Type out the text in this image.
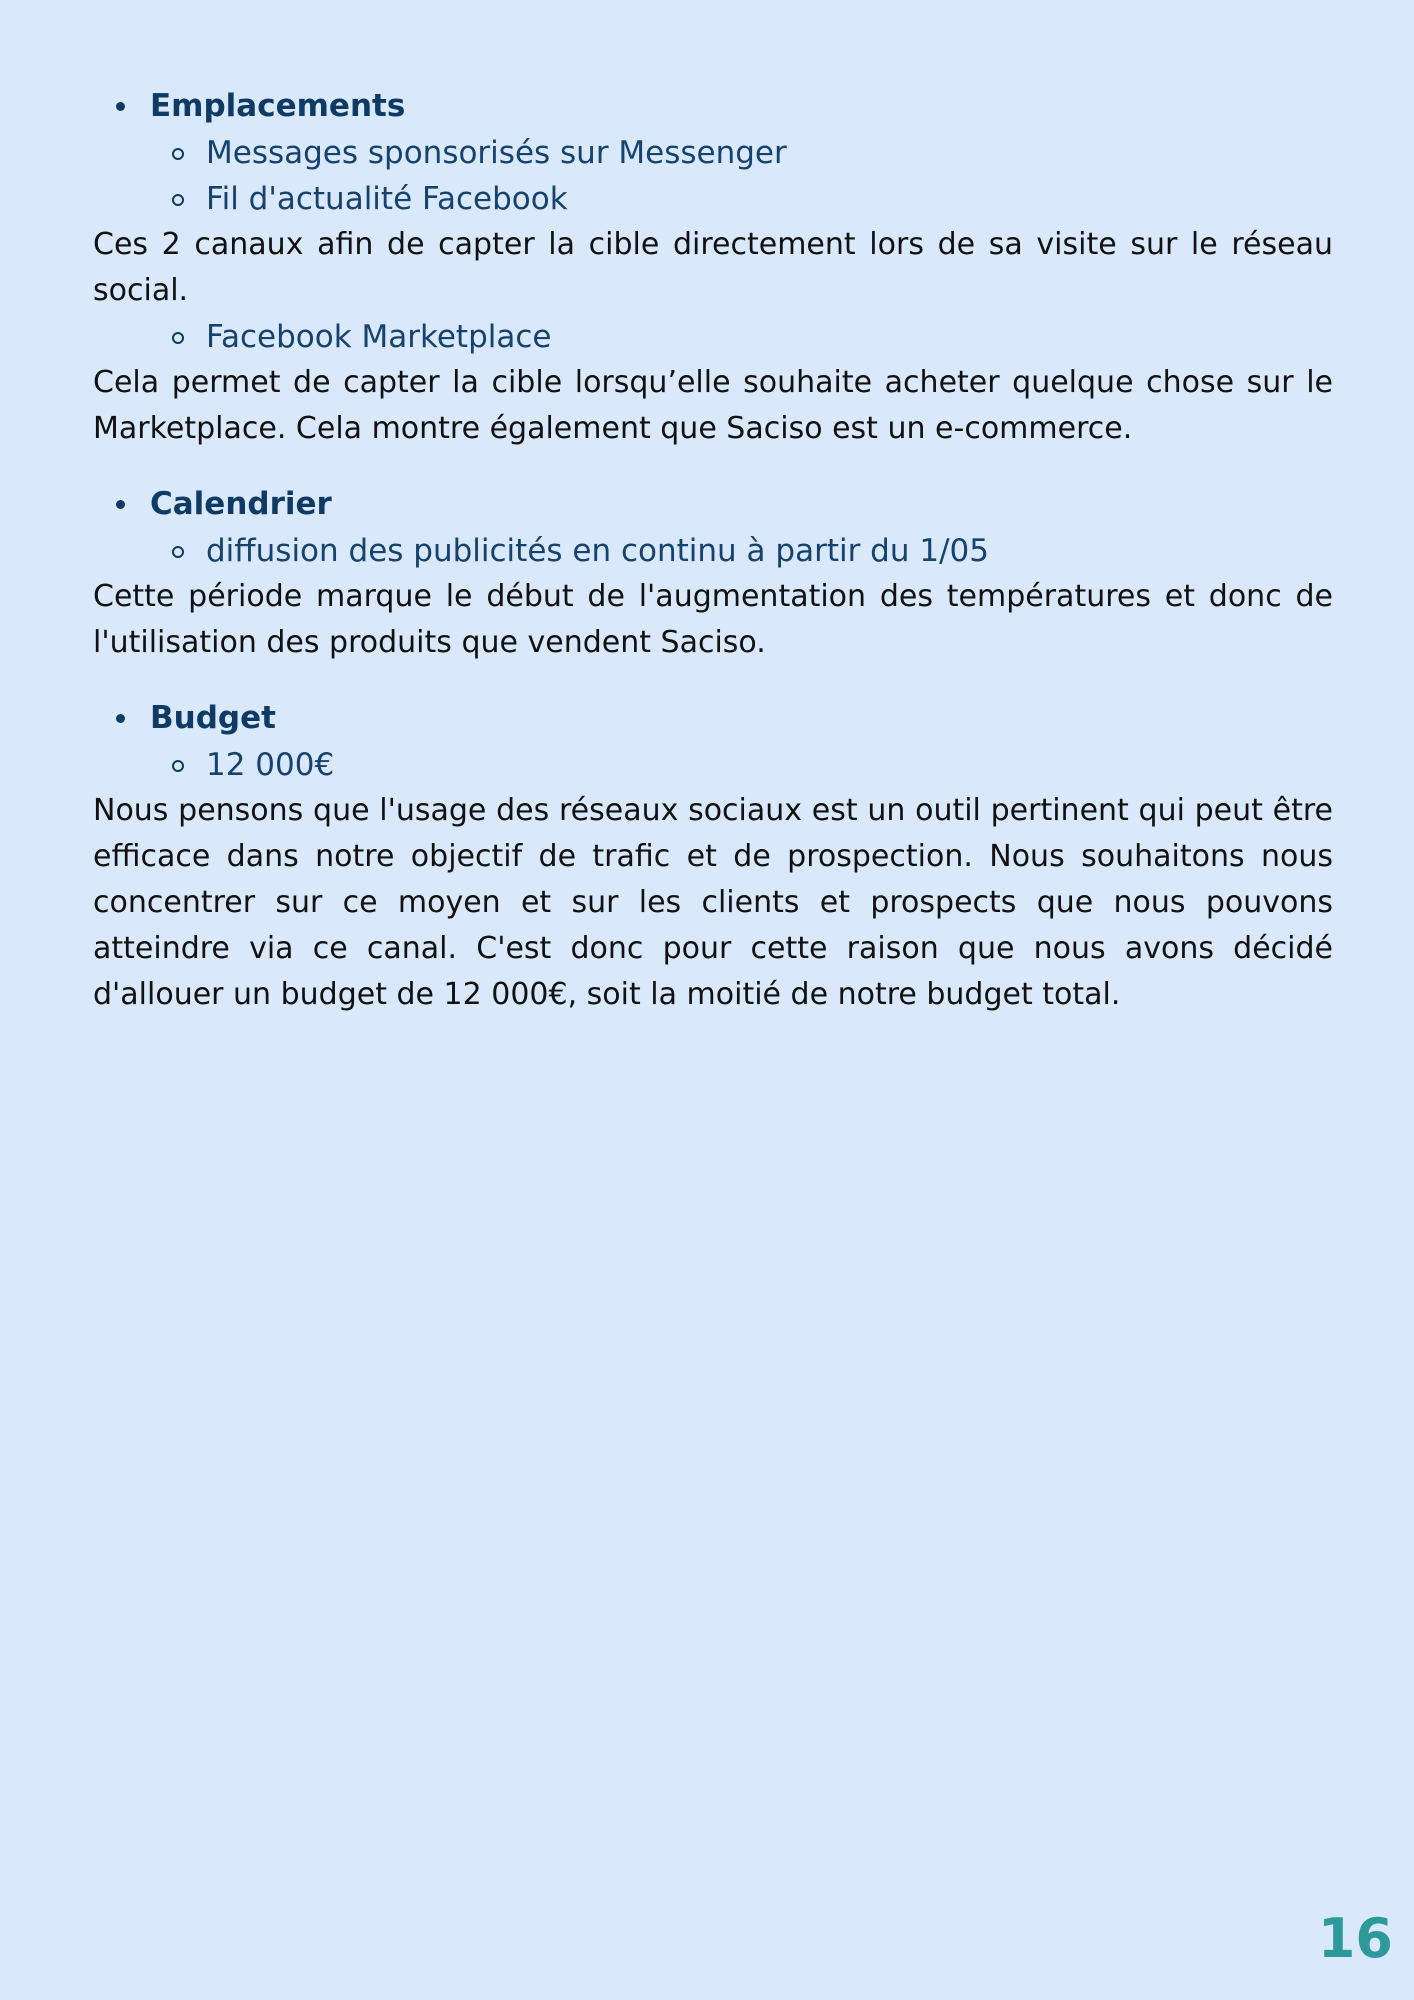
Emplacements
Messages sponsorisés sur Messenger
Fil d'actualité Facebook

Ces 2 canaux afin de capter la cible directement lors de sa visite sur le réseau social.

Facebook Marketplace

Cela permet de capter la cible lorsqu’elle souhaite acheter quelque chose sur le Marketplace. Cela montre également que Saciso est un e-commerce.

Calendrier
diffusion des publicités en continu à partir du 1/05

Cette période marque le début de l'augmentation des températures et donc de l'utilisation des produits que vendent Saciso.

Budget
12 000€

Nous pensons que l'usage des réseaux sociaux est un outil pertinent qui peut être efficace dans notre objectif de trafic et de prospection. Nous souhaitons nous concentrer sur ce moyen et sur les clients et prospects que nous pouvons atteindre via ce canal. C'est donc pour cette raison que nous avons décidé d'allouer un budget de 12 000€, soit la moitié de notre budget total.

16
